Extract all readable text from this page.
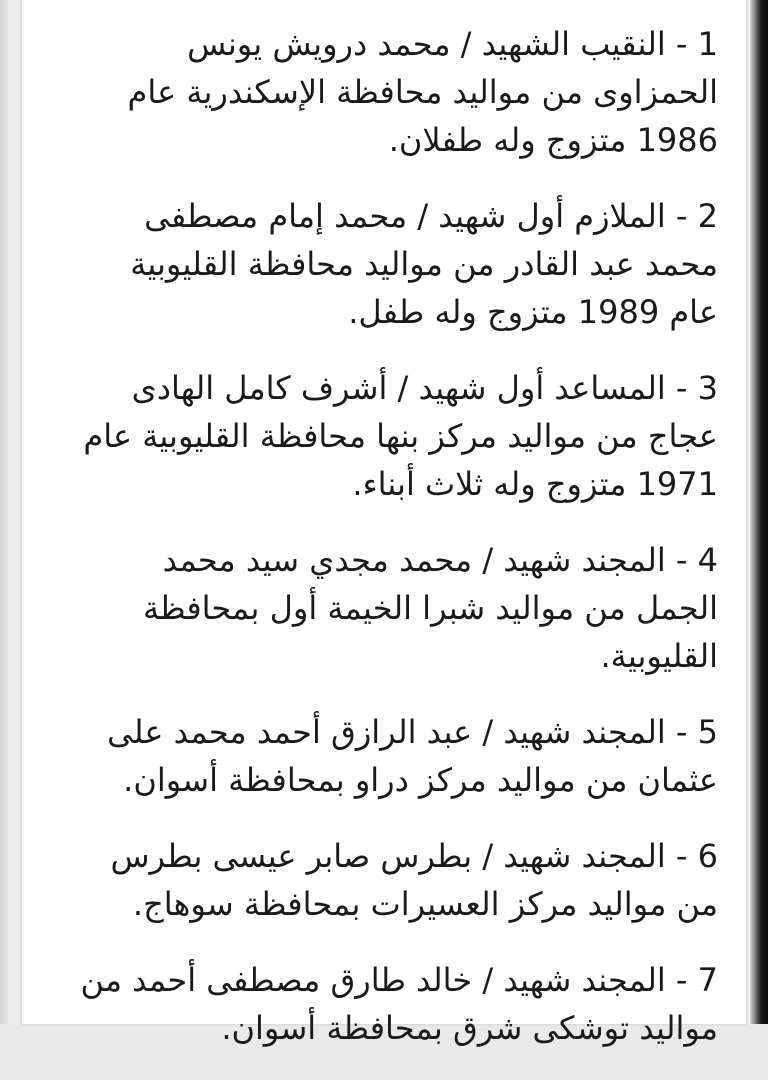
1 - النقيب الشهيد / محمد درويش يونس الحمزاوى من مواليد محافظة الإسكندرية عام 1986 متزوج وله طفلان.

2 - الملازم أول شهيد / محمد إمام مصطفى محمد عبد القادر من مواليد محافظة القليوبية عام 1989 متزوج وله طفل.

3 - المساعد أول شهيد / أشرف كامل الهادى عجاج من مواليد مركز بنها محافظة القليوبية عام 1971 متزوج وله ثلاث أبناء.

4 - المجند شهيد / محمد مجدي سيد محمد الجمل من مواليد شبرا الخيمة أول بمحافظة القليوبية.

5 - المجند شهيد / عبد الرازق أحمد محمد على عثمان من مواليد مركز دراو بمحافظة أسوان.

6 - المجند شهيد / بطرس صابر عيسى بطرس من مواليد مركز العسيرات بمحافظة سوهاج.

7 - المجند شهيد / خالد طارق مصطفى أحمد من مواليد توشكى شرق بمحافظة أسوان.
